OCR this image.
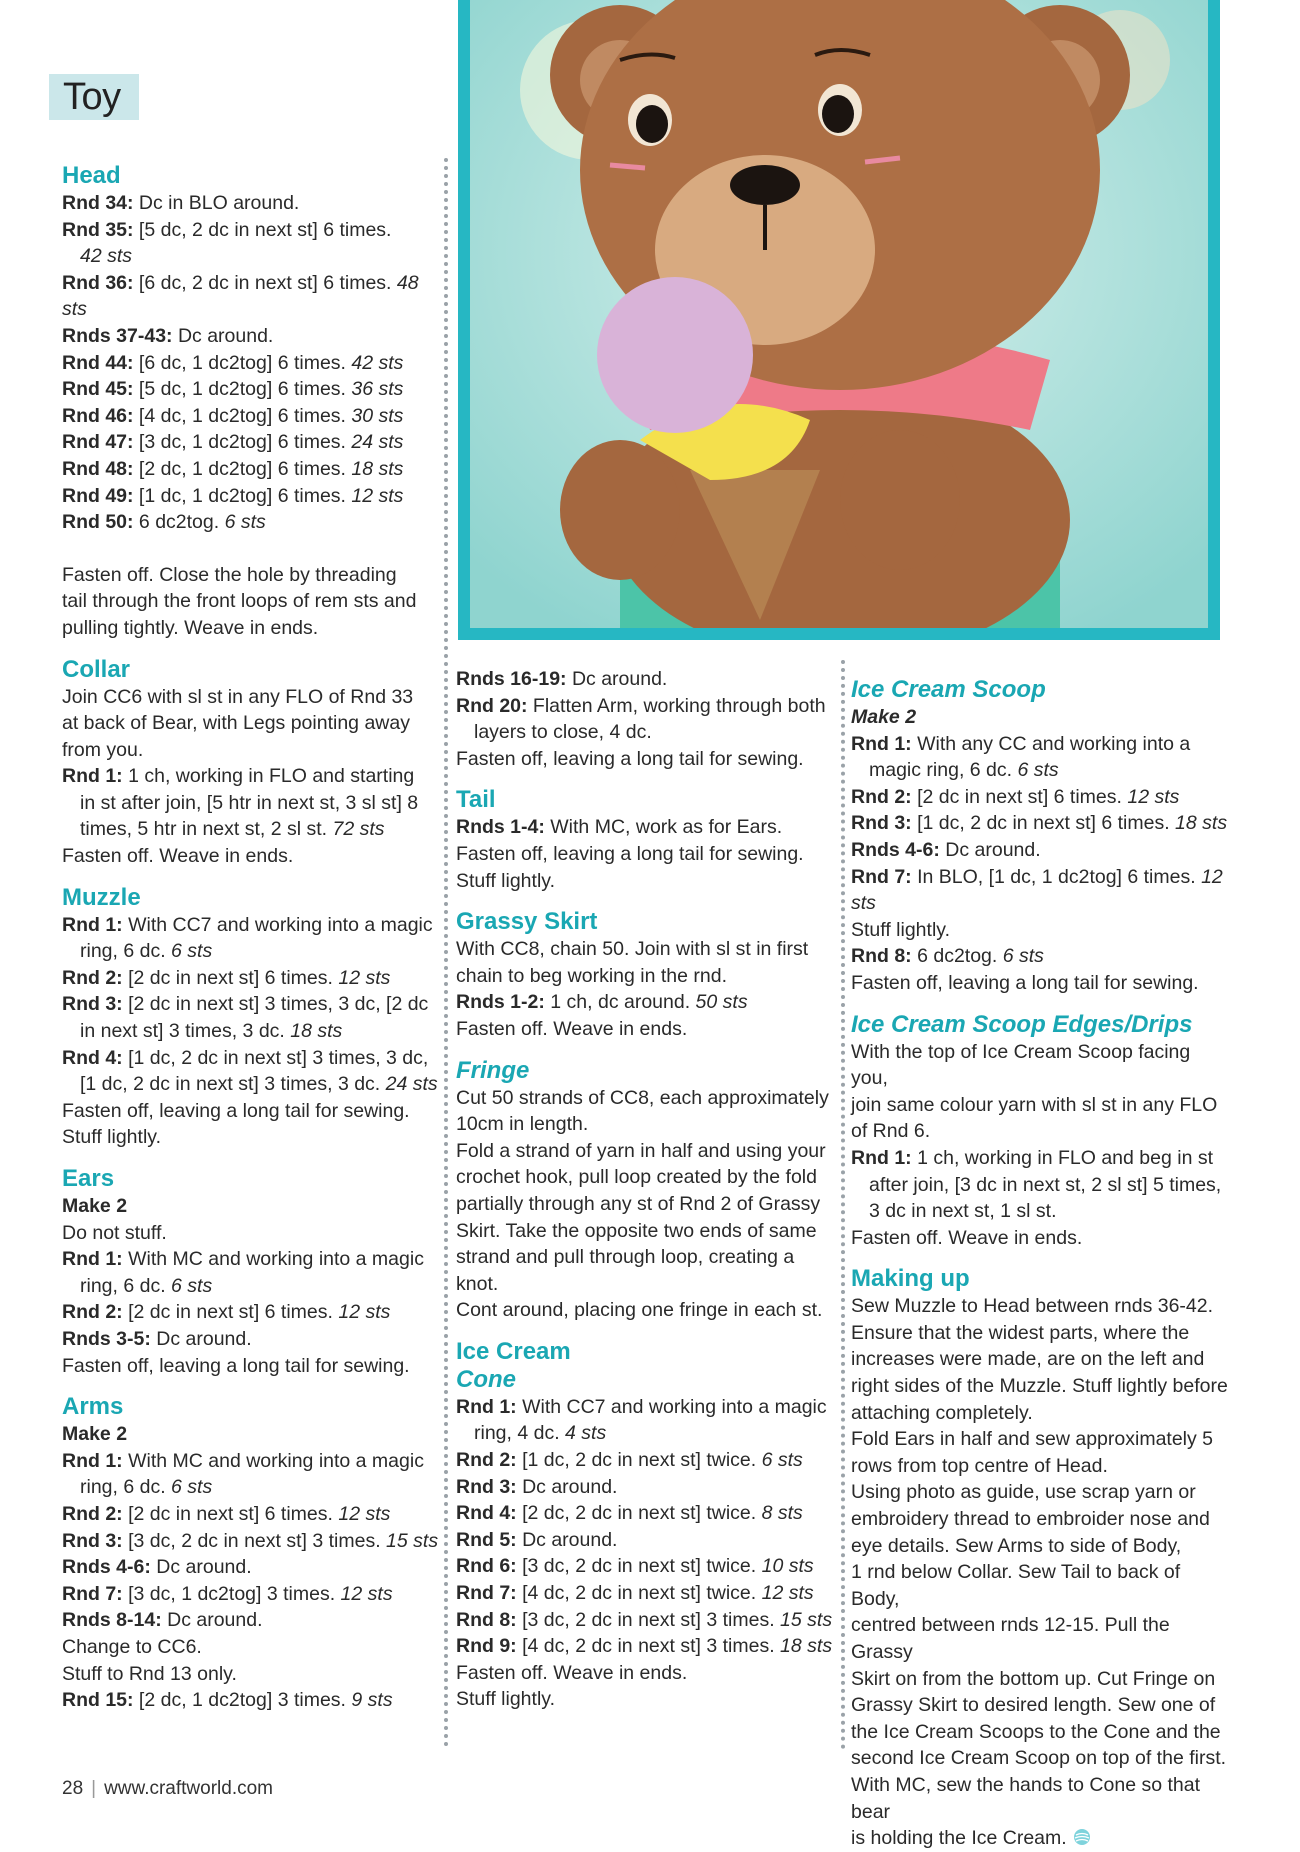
Toy

Head

Rnd 34: Dc in BLO around.

Rnd 35: [5 dc, 2 dc in next st] 6 times.

42 sts

Rnd 36: [6 dc, 2 dc in next st] 6 times. 48 sts

Rnds 37-43: Dc around.

Rnd 44: [6 dc, 1 dc2tog] 6 times. 42 sts

Rnd 45: [5 dc, 1 dc2tog] 6 times. 36 sts

Rnd 46: [4 dc, 1 dc2tog] 6 times. 30 sts

Rnd 47: [3 dc, 1 dc2tog] 6 times. 24 sts

Rnd 48: [2 dc, 1 dc2tog] 6 times. 18 sts

Rnd 49: [1 dc, 1 dc2tog] 6 times. 12 sts

Rnd 50: 6 dc2tog. 6 sts

Fasten off. Close the hole by threading

tail through the front loops of rem sts and

pulling tightly. Weave in ends.

Collar

Join CC6 with sl st in any FLO of Rnd 33

at back of Bear, with Legs pointing away

from you.

Rnd 1: 1 ch, working in FLO and starting

in st after join, [5 htr in next st, 3 sl st] 8

times, 5 htr in next st, 2 sl st. 72 sts

Fasten off. Weave in ends.

Muzzle

Rnd 1: With CC7 and working into a magic

ring, 6 dc. 6 sts

Rnd 2: [2 dc in next st] 6 times. 12 sts

Rnd 3: [2 dc in next st] 3 times, 3 dc, [2 dc

in next st] 3 times, 3 dc. 18 sts

Rnd 4: [1 dc, 2 dc in next st] 3 times, 3 dc,

[1 dc, 2 dc in next st] 3 times, 3 dc. 24 sts

Fasten off, leaving a long tail for sewing.

Stuff lightly.

Ears

Make 2

Do not stuff.

Rnd 1: With MC and working into a magic

ring, 6 dc. 6 sts

Rnd 2: [2 dc in next st] 6 times. 12 sts

Rnds 3-5: Dc around.

Fasten off, leaving a long tail for sewing.

Arms

Make 2

Rnd 1: With MC and working into a magic

ring, 6 dc. 6 sts

Rnd 2: [2 dc in next st] 6 times. 12 sts

Rnd 3: [3 dc, 2 dc in next st] 3 times. 15 sts

Rnds 4-6: Dc around.

Rnd 7: [3 dc, 1 dc2tog] 3 times. 12 sts

Rnds 8-14: Dc around.

Change to CC6.

Stuff to Rnd 13 only.

Rnd 15: [2 dc, 1 dc2tog] 3 times. 9 sts

Rnds 16-19: Dc around.

Rnd 20: Flatten Arm, working through both

layers to close, 4 dc.

Fasten off, leaving a long tail for sewing.

Tail

Rnds 1-4: With MC, work as for Ears.

Fasten off, leaving a long tail for sewing.

Stuff lightly.

Grassy Skirt

With CC8, chain 50. Join with sl st in first

chain to beg working in the rnd.

Rnds 1-2: 1 ch, dc around. 50 sts

Fasten off. Weave in ends.

Fringe

Cut 50 strands of CC8, each approximately

10cm in length.

Fold a strand of yarn in half and using your

crochet hook, pull loop created by the fold

partially through any st of Rnd 2 of Grassy

Skirt. Take the opposite two ends of same

strand and pull through loop, creating a knot.

Cont around, placing one fringe in each st.

Ice Cream

Cone

Rnd 1: With CC7 and working into a magic

ring, 4 dc. 4 sts

Rnd 2: [1 dc, 2 dc in next st] twice. 6 sts

Rnd 3: Dc around.

Rnd 4: [2 dc, 2 dc in next st] twice. 8 sts

Rnd 5: Dc around.

Rnd 6: [3 dc, 2 dc in next st] twice. 10 sts

Rnd 7: [4 dc, 2 dc in next st] twice. 12 sts

Rnd 8: [3 dc, 2 dc in next st] 3 times. 15 sts

Rnd 9: [4 dc, 2 dc in next st] 3 times. 18 sts

Fasten off. Weave in ends.

Stuff lightly.

Ice Cream Scoop

Make 2

Rnd 1: With any CC and working into a

magic ring, 6 dc. 6 sts

Rnd 2: [2 dc in next st] 6 times. 12 sts

Rnd 3: [1 dc, 2 dc in next st] 6 times. 18 sts

Rnds 4-6: Dc around.

Rnd 7: In BLO, [1 dc, 1 dc2tog] 6 times. 12 sts

Stuff lightly.

Rnd 8: 6 dc2tog. 6 sts

Fasten off, leaving a long tail for sewing.

Ice Cream Scoop Edges/Drips

With the top of Ice Cream Scoop facing you,

join same colour yarn with sl st in any FLO

of Rnd 6.

Rnd 1: 1 ch, working in FLO and beg in st

after join, [3 dc in next st, 2 sl st] 5 times,

3 dc in next st, 1 sl st.

Fasten off. Weave in ends.

Making up

Sew Muzzle to Head between rnds 36-42.

Ensure that the widest parts, where the

increases were made, are on the left and

right sides of the Muzzle. Stuff lightly before

attaching completely.

Fold Ears in half and sew approximately 5

rows from top centre of Head.

Using photo as guide, use scrap yarn or

embroidery thread to embroider nose and

eye details. Sew Arms to side of Body,

1 rnd below Collar. Sew Tail to back of Body,

centred between rnds 12-15. Pull the Grassy

Skirt on from the bottom up. Cut Fringe on

Grassy Skirt to desired length. Sew one of

the Ice Cream Scoops to the Cone and the

second Ice Cream Scoop on top of the first.

With MC, sew the hands to Cone so that bear

is holding the Ice Cream.

28 | www.craftworld.com
